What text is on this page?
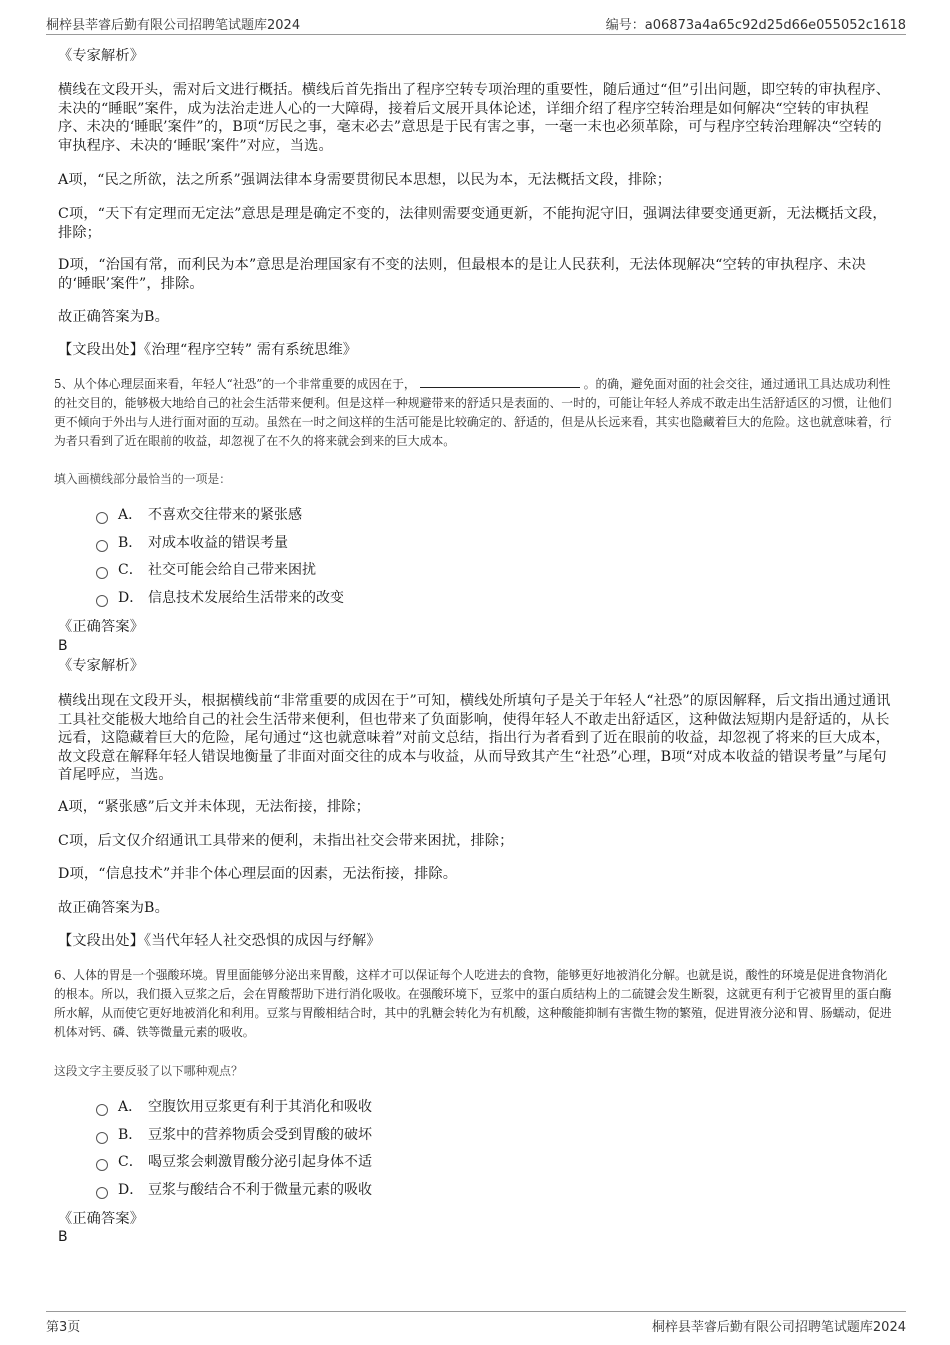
桐梓县莘睿后勤有限公司招聘笔试题库2024	编号：a06873a4a65c92d25d66e055052c1618

《专家解析》

横线在文段开头，需对后文进行概括。横线后首先指出了程序空转专项治理的重要性，随后通过“但”引出问题，即空转的审执程序、未决的“睡眠”案件，成为法治走进人心的一大障碍，接着后文展开具体论述，详细介绍了程序空转治理是如何解决“空转的审执程序、未决的‘睡眠’案件”的，B项“厉民之事，毫末必去”意思是于民有害之事，一毫一末也必须革除，可与程序空转治理解决“空转的审执程序、未决的‘睡眠’案件”对应，当选。

A项，“民之所欲，法之所系”强调法律本身需要贯彻民本思想，以民为本，无法概括文段，排除；

C项，“天下有定理而无定法”意思是理是确定不变的，法律则需要变通更新，不能拘泥守旧，强调法律要变通更新，无法概括文段，排除；

D项，“治国有常，而利民为本”意思是治理国家有不变的法则，但最根本的是让人民获利，无法体现解决“空转的审执程序、未决的‘睡眠’案件”，排除。

故正确答案为B。

【文段出处】《治理“程序空转” 需有系统思维》

5、从个体心理层面来看，年轻人“社恐”的一个非常重要的成因在于，	。的确，避免面对面的社会交往，通过通讯工具达成功利性的社交目的，能够极大地给自己的社会生活带来便利。但是这样一种规避带来的舒适只是表面的、一时的，可能让年轻人养成不敢走出生活舒适区的习惯，让他们更不倾向于外出与人进行面对面的互动。虽然在一时之间这样的生活可能是比较确定的、舒适的，但是从长远来看，其实也隐藏着巨大的危险。这也就意味着，行为者只看到了近在眼前的收益，却忽视了在不久的将来就会到来的巨大成本。

填入画横线部分最恰当的一项是：

A． 不喜欢交往带来的紧张感
B． 对成本收益的错误考量
C． 社交可能会给自己带来困扰
D． 信息技术发展给生活带来的改变

《正确答案》

B

《专家解析》

横线出现在文段开头，根据横线前“非常重要的成因在于”可知，横线处所填句子是关于年轻人“社恐”的原因解释，后文指出通过通讯工具社交能极大地给自己的社会生活带来便利，但也带来了负面影响，使得年轻人不敢走出舒适区，这种做法短期内是舒适的，从长远看，这隐藏着巨大的危险，尾句通过“这也就意味着”对前文总结，指出行为者看到了近在眼前的收益，却忽视了将来的巨大成本，故文段意在解释年轻人错误地衡量了非面对面交往的成本与收益，从而导致其产生“社恐”心理，B项“对成本收益的错误考量”与尾句首尾呼应，当选。

A项，“紧张感”后文并未体现，无法衔接，排除；

C项，后文仅介绍通讯工具带来的便利，未指出社交会带来困扰，排除；

D项，“信息技术”并非个体心理层面的因素，无法衔接，排除。

故正确答案为B。

【文段出处】《当代年轻人社交恐惧的成因与纾解》

6、人体的胃是一个强酸环境。胃里面能够分泌出来胃酸，这样才可以保证每个人吃进去的食物，能够更好地被消化分解。也就是说，酸性的环境是促进食物消化的根本。所以，我们摄入豆浆之后，会在胃酸帮助下进行消化吸收。在强酸环境下，豆浆中的蛋白质结构上的二硫键会发生断裂，这就更有利于它被胃里的蛋白酶所水解，从而使它更好地被消化和利用。豆浆与胃酸相结合时，其中的乳糖会转化为有机酸，这种酸能抑制有害微生物的繁殖，促进胃液分泌和胃、肠蠕动，促进机体对钙、磷、铁等微量元素的吸收。

这段文字主要反驳了以下哪种观点？

A． 空腹饮用豆浆更有利于其消化和吸收
B． 豆浆中的营养物质会受到胃酸的破坏
C． 喝豆浆会刺激胃酸分泌引起身体不适
D． 豆浆与酸结合不利于微量元素的吸收

《正确答案》

B
第3页	桐梓县莘睿后勤有限公司招聘笔试题库2024
